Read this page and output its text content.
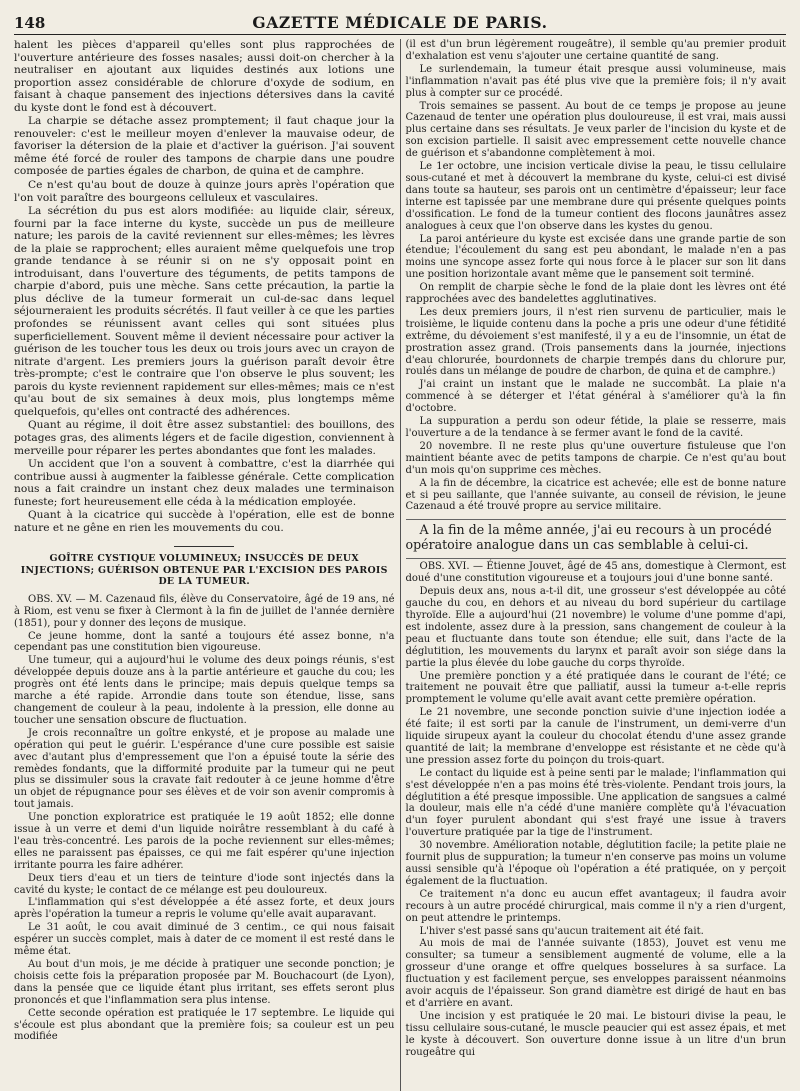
148	GAZETTE MÉDICALE DE PARIS.

halent les pièces d'appareil qu'elles sont plus rapprochées de l'ouverture antérieure des fosses nasales; aussi doit-on chercher à la neutraliser en ajoutant aux liquides destinés aux lotions une proportion assez considérable de chlorure d'oxyde de sodium, en faisant à chaque pansement des injections détersives dans la cavité du kyste dont le fond est à découvert.

La charpie se détache assez promptement; il faut chaque jour la renouveler: c'est le meilleur moyen d'enlever la mauvaise odeur, de favoriser la détersion de la plaie et d'activer la guérison. J'ai souvent même été forcé de rouler des tampons de charpie dans une poudre composée de parties égales de charbon, de quina et de camphre.

Ce n'est qu'au bout de douze à quinze jours après l'opération que l'on voit paraître des bourgeons celluleux et vasculaires.

La sécrétion du pus est alors modifiée: au liquide clair, séreux, fourni par la face interne du kyste, succède un pus de meilleure nature; les parois de la cavité reviennent sur elles-mêmes; les lèvres de la plaie se rapprochent; elles auraient même quelquefois une trop grande tendance à se réunir si on ne s'y opposait point en introduisant, dans l'ouverture des téguments, de petits tampons de charpie d'abord, puis une mèche. Sans cette précaution, la partie la plus déclive de la tumeur formerait un cul-de-sac dans lequel séjourneraient les produits sécrétés. Il faut veiller à ce que les parties profondes se réunissent avant celles qui sont situées plus superficiellement. Souvent même il devient nécessaire pour activer la guérison de les toucher tous les deux ou trois jours avec un crayon de nitrate d'argent. Les premiers jours la guérison paraît devoir être très-prompte; c'est le contraire que l'on observe le plus souvent; les parois du kyste reviennent rapidement sur elles-mêmes; mais ce n'est qu'au bout de six semaines à deux mois, plus longtemps même quelquefois, qu'elles ont contracté des adhérences.

Quant au régime, il doit être assez substantiel: des bouillons, des potages gras, des aliments légers et de facile digestion, conviennent à merveille pour réparer les pertes abondantes que font les malades.

Un accident que l'on a souvent à combattre, c'est la diarrhée qui contribue aussi à augmenter la faiblesse générale. Cette complication nous a fait craindre un instant chez deux malades une terminaison funeste; fort heureusement elle céda à la médication employée.

Quant à la cicatrice qui succède à l'opération, elle est de bonne nature et ne gêne en rien les mouvements du cou.

GOÎTRE CYSTIQUE VOLUMINEUX; INSUCCÈS DE DEUX INJECTIONS; GUÉRISON OBTENUE PAR L'EXCISION DES PAROIS DE LA TUMEUR.

OBS. XV. — M. Cazenaud fils, élève du Conservatoire, âgé de 19 ans, né à Riom, est venu se fixer à Clermont à la fin de juillet de l'année dernière (1851), pour y donner des leçons de musique.

Ce jeune homme, dont la santé a toujours été assez bonne, n'a cependant pas une constitution bien vigoureuse.

Une tumeur, qui a aujourd'hui le volume des deux poings réunis, s'est développée depuis douze ans à la partie antérieure et gauche du cou; les progrès ont été lents dans le principe; mais depuis quelque temps sa marche a été rapide. Arrondie dans toute son étendue, lisse, sans changement de couleur à la peau, indolente à la pression, elle donne au toucher une sensation obscure de fluctuation.

Je crois reconnaître un goître enkysté, et je propose au malade une opération qui peut le guérir. L'espérance d'une cure possible est saisie avec d'autant plus d'empressement que l'on a épuisé toute la série des remèdes fondants, que la difformité produite par la tumeur qui ne peut plus se dissimuler sous la cravate fait redouter à ce jeune homme d'être un objet de répugnance pour ses élèves et de voir son avenir compromis à tout jamais.

Une ponction exploratrice est pratiquée le 19 août 1852; elle donne issue à un verre et demi d'un liquide noirâtre ressemblant à du café à l'eau très-concentré. Les parois de la poche reviennent sur elles-mêmes; elles ne paraissent pas épaisses, ce qui me fait espérer qu'une injection irritante pourra les faire adhérer.

Deux tiers d'eau et un tiers de teinture d'iode sont injectés dans la cavité du kyste; le contact de ce mélange est peu douloureux.

L'inflammation qui s'est développée a été assez forte, et deux jours après l'opération la tumeur a repris le volume qu'elle avait auparavant.

Le 31 août, le cou avait diminué de 3 centim., ce qui nous faisait espérer un succès complet, mais à dater de ce moment il est resté dans le même état.

Au bout d'un mois, je me décide à pratiquer une seconde ponction; je choisis cette fois la préparation proposée par M. Bouchacourt (de Lyon), dans la pensée que ce liquide étant plus irritant, ses effets seront plus prononcés et que l'inflammation sera plus intense.

Cette seconde opération est pratiquée le 17 septembre. Le liquide qui s'écoule est plus abondant que la première fois; sa couleur est un peu modifiée

(il est d'un brun légèrement rougeâtre), il semble qu'au premier produit d'exhalation est venu s'ajouter une certaine quantité de sang.

Le surlendemain, la tumeur était presque aussi volumineuse, mais l'inflammation n'avait pas été plus vive que la première fois; il n'y avait plus à compter sur ce procédé.

Trois semaines se passent. Au bout de ce temps je propose au jeune Cazenaud de tenter une opération plus douloureuse, il est vrai, mais aussi plus certaine dans ses résultats. Je veux parler de l'incision du kyste et de son excision partielle. Il saisit avec empressement cette nouvelle chance de guérison et s'abandonne complètement à moi.

Le 1er octobre, une incision verticale divise la peau, le tissu cellulaire sous-cutané et met à découvert la membrane du kyste, celui-ci est divisé dans toute sa hauteur, ses parois ont un centimètre d'épaisseur; leur face interne est tapissée par une membrane dure qui présente quelques points d'ossification. Le fond de la tumeur contient des flocons jaunâtres assez analogues à ceux que l'on observe dans les kystes du genou.

La paroi antérieure du kyste est excisée dans une grande partie de son étendue; l'écoulement du sang est peu abondant, le malade n'en a pas moins une syncope assez forte qui nous force à le placer sur son lit dans une position horizontale avant même que le pansement soit terminé.

On remplit de charpie sèche le fond de la plaie dont les lèvres ont été rapprochées avec des bandelettes agglutinatives.

Les deux premiers jours, il n'est rien survenu de particulier, mais le troisième, le liquide contenu dans la poche a pris une odeur d'une fétidité extrême, du dévoiement s'est manifesté, il y a eu de l'insomnie, un état de prostration assez grand. (Trois pansements dans la journée, injections d'eau chlorurée, bourdonnets de charpie trempés dans du chlorure pur, roulés dans un mélange de poudre de charbon, de quina et de camphre.)

J'ai craint un instant que le malade ne succombât. La plaie n'a commencé à se déterger et l'état général à s'améliorer qu'à la fin d'octobre.

La suppuration a perdu son odeur fétide, la plaie se resserre, mais l'ouverture a de la tendance à se fermer avant le fond de la cavité.

20 novembre. Il ne reste plus qu'une ouverture fistuleuse que l'on maintient béante avec de petits tampons de charpie. Ce n'est qu'au bout d'un mois qu'on supprime ces mèches.

A la fin de décembre, la cicatrice est achevée; elle est de bonne nature et si peu saillante, que l'année suivante, au conseil de révision, le jeune Cazenaud a été trouvé propre au service militaire.

A la fin de la même année, j'ai eu recours à un procédé opératoire analogue dans un cas semblable à celui-ci.

OBS. XVI. — Étienne Jouvet, âgé de 45 ans, domestique à Clermont, est doué d'une constitution vigoureuse et a toujours joui d'une bonne santé.

Depuis deux ans, nous a-t-il dit, une grosseur s'est développée au côté gauche du cou, en dehors et au niveau du bord supérieur du cartilage thyroïde. Elle a aujourd'hui (21 novembre) le volume d'une pomme d'api, est indolente, assez dure à la pression, sans changement de couleur à la peau et fluctuante dans toute son étendue; elle suit, dans l'acte de la déglutition, les mouvements du larynx et paraît avoir son siége dans la partie la plus élevée du lobe gauche du corps thyroïde.

Une première ponction y a été pratiquée dans le courant de l'été; ce traitement ne pouvait être que palliatif, aussi la tumeur a-t-elle repris promptement le volume qu'elle avait avant cette première opération.

Le 21 novembre, une seconde ponction suivie d'une injection iodée a été faite; il est sorti par la canule de l'instrument, un demi-verre d'un liquide sirupeux ayant la couleur du chocolat étendu d'une assez grande quantité de lait; la membrane d'enveloppe est résistante et ne cède qu'à une pression assez forte du poinçon du trois-quart.

Le contact du liquide est à peine senti par le malade; l'inflammation qui s'est développée n'en a pas moins été très-violente. Pendant trois jours, la déglutition a été presque impossible. Une application de sangsues a calmé la douleur, mais elle n'a cédé d'une manière complète qu'à l'évacuation d'un foyer purulent abondant qui s'est frayé une issue à travers l'ouverture pratiquée par la tige de l'instrument.

30 novembre. Amélioration notable, déglutition facile; la petite plaie ne fournit plus de suppuration; la tumeur n'en conserve pas moins un volume aussi sensible qu'à l'époque où l'opération a été pratiquée, on y perçoit également de la fluctuation.

Ce traitement n'a donc eu aucun effet avantageux; il faudra avoir recours à un autre procédé chirurgical, mais comme il n'y a rien d'urgent, on peut attendre le printemps.

L'hiver s'est passé sans qu'aucun traitement ait été fait.

Au mois de mai de l'année suivante (1853), Jouvet est venu me consulter; sa tumeur a sensiblement augmenté de volume, elle a la grosseur d'une orange et offre quelques bosselures à sa surface. La fluctuation y est facilement perçue, ses enveloppes paraissent néanmoins avoir acquis de l'épaisseur. Son grand diamètre est dirigé de haut en bas et d'arrière en avant.

Une incision y est pratiquée le 20 mai. Le bistouri divise la peau, le tissu cellulaire sous-cutané, le muscle peaucier qui est assez épais, et met le kyste à découvert. Son ouverture donne issue à un litre d'un brun rougeâtre qui
